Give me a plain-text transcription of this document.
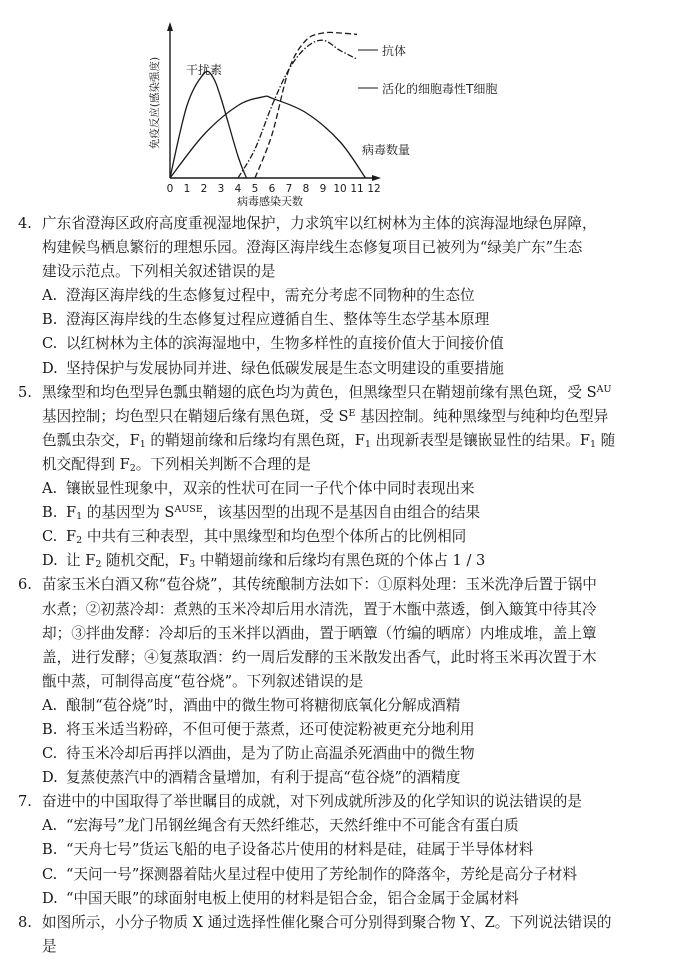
免疫反应(感染强度)
病毒感染天数
0 1 2 3 4 5 6 7 8 9 10 11 12
干扰素
抗体
活化的细胞毒性T细胞
病毒数量
4. 广东省澄海区政府高度重视湿地保护，力求筑牢以红树林为主体的滨海湿地绿色屏障，
构建候鸟栖息繁衍的理想乐园。澄海区海岸线生态修复项目已被列为“绿美广东”生态
建设示范点。下列相关叙述错误的是
A. 澄海区海岸线的生态修复过程中，需充分考虑不同物种的生态位
B. 澄海区海岸线的生态修复过程应遵循自生、整体等生态学基本原理
C. 以红树林为主体的滨海湿地中，生物多样性的直接价值大于间接价值
D. 坚持保护与发展协同并进、绿色低碳发展是生态文明建设的重要措施
5. 黑缘型和均色型异色瓢虫鞘翅的底色均为黄色，但黑缘型只在鞘翅前缘有黑色斑，受 $S^{AU}$
基因控制；均色型只在鞘翅后缘有黑色斑，受 $S^E$ 基因控制。纯种黑缘型与纯种均色型异
色瓢虫杂交，$F_1$ 的鞘翅前缘和后缘均有黑色斑，$F_1$ 出现新表型是镶嵌显性的结果。$F_1$ 随
机交配得到 $F_2$。下列相关判断不合理的是
A. 镶嵌显性现象中，双亲的性状可在同一子代个体中同时表现出来
B. $F_1$ 的基因型为 $S^{AUSE}$，该基因型的出现不是基因自由组合的结果
C. $F_2$ 中共有三种表型，其中黑缘型和均色型个体所占的比例相同
D. 让 $F_2$ 随机交配，$F_3$ 中鞘翅前缘和后缘均有黑色斑的个体占 1 / 3
6. 苗家玉米白酒又称“苞谷烧”，其传统酿制方法如下：①原料处理：玉米洗净后置于锅中
水煮；②初蒸冷却：煮熟的玉米冷却后用水清洗，置于木甑中蒸透，倒入簸箕中待其冷
却；③拌曲发酵：冷却后的玉米拌以酒曲，置于晒簟（竹编的晒席）内堆成堆，盖上簟
盖，进行发酵；④复蒸取酒：约一周后发酵的玉米散发出香气，此时将玉米再次置于木
甑中蒸，可制得高度“苞谷烧”。下列叙述错误的是
A. 酿制“苞谷烧”时，酒曲中的微生物可将糖彻底氧化分解成酒精
B. 将玉米适当粉碎，不但可便于蒸煮，还可使淀粉被更充分地利用
C. 待玉米冷却后再拌以酒曲，是为了防止高温杀死酒曲中的微生物
D. 复蒸使蒸汽中的酒精含量增加，有利于提高“苞谷烧”的酒精度
7. 奋进中的中国取得了举世瞩目的成就，对下列成就所涉及的化学知识的说法错误的是
A. “宏海号”龙门吊钢丝绳含有天然纤维芯，天然纤维中不可能含有蛋白质
B. “天舟七号”货运飞船的电子设备芯片使用的材料是硅，硅属于半导体材料
C. “天问一号”探测器着陆火星过程中使用了芳纶制作的降落伞，芳纶是高分子材料
D. “中国天眼”的球面射电板上使用的材料是铝合金，铝合金属于金属材料
8. 如图所示，小分子物质 X 通过选择性催化聚合可分别得到聚合物 Y、Z。下列说法错误的
是
